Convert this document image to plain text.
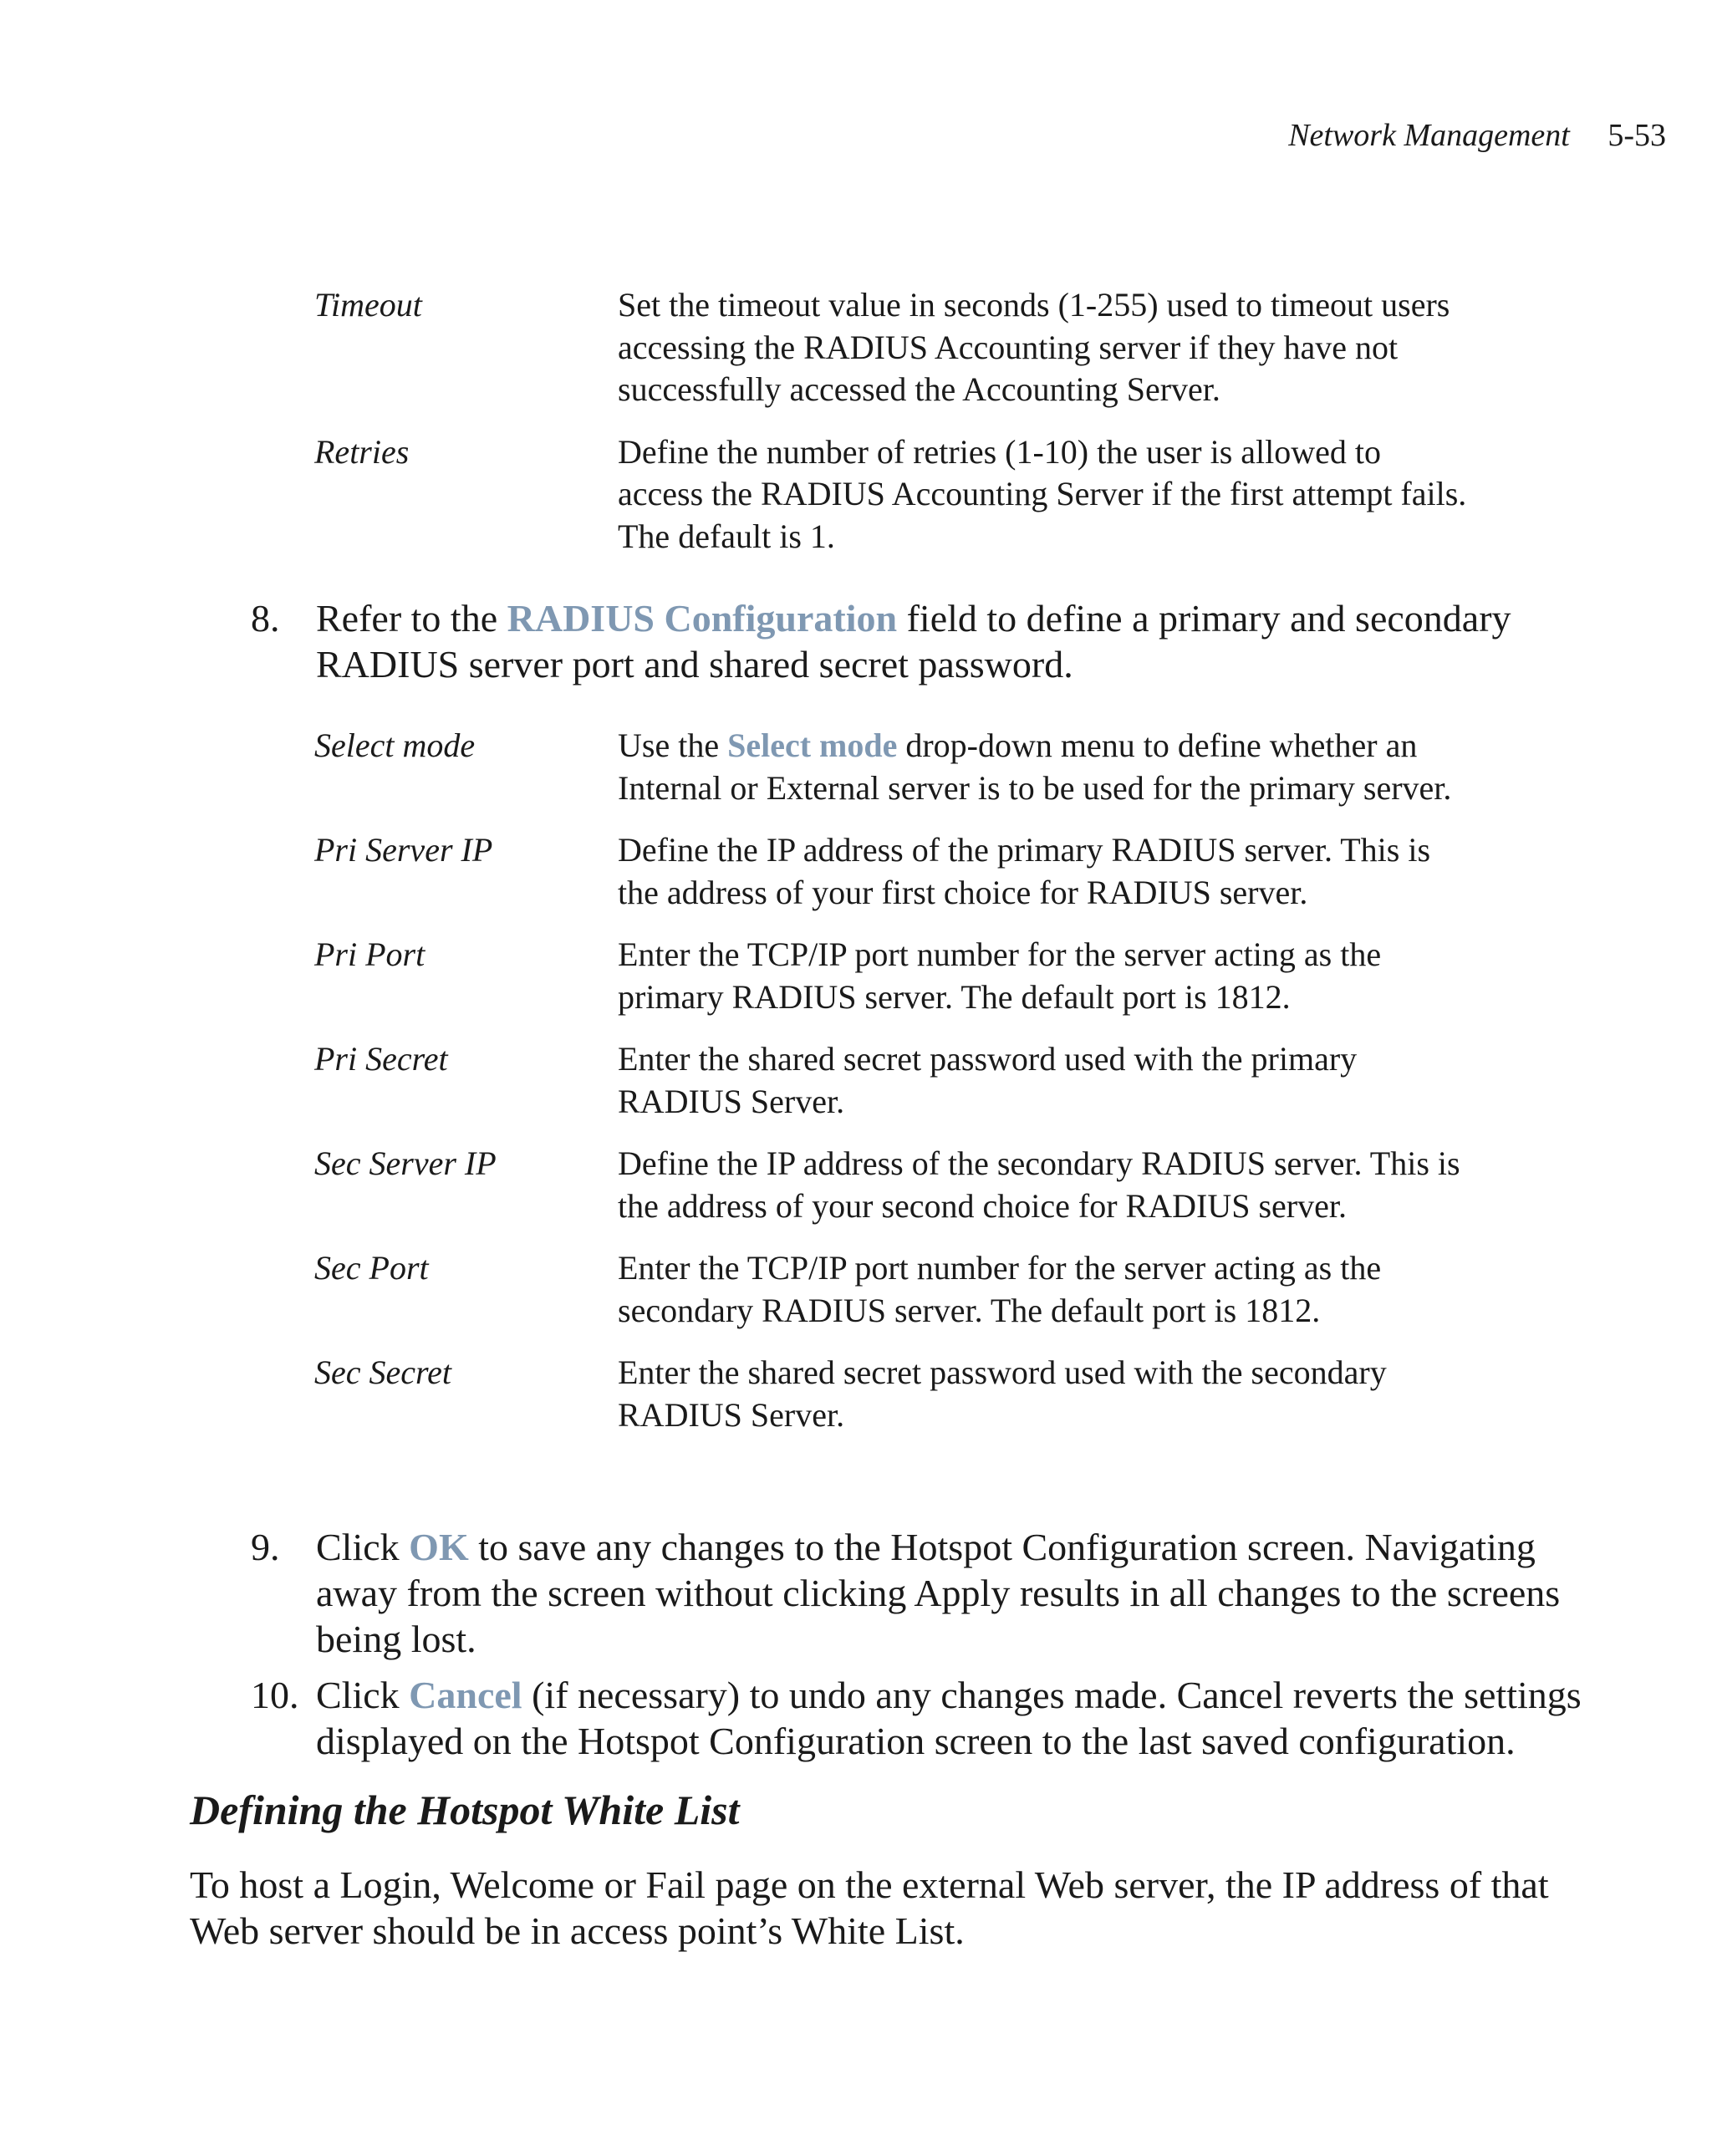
Network Management 5-53
Timeout	Set the timeout value in seconds (1-255) used to timeout users accessing the RADIUS Accounting server if they have not successfully accessed the Accounting Server.
Retries	Define the number of retries (1-10) the user is allowed to access the RADIUS Accounting Server if the first attempt fails. The default is 1.
8. Refer to the RADIUS Configuration field to define a primary and secondary RADIUS server port and shared secret password.
Select mode	Use the Select mode drop-down menu to define whether an Internal or External server is to be used for the primary server.
Pri Server IP	Define the IP address of the primary RADIUS server. This is the address of your first choice for RADIUS server.
Pri Port	Enter the TCP/IP port number for the server acting as the primary RADIUS server. The default port is 1812.
Pri Secret	Enter the shared secret password used with the primary RADIUS Server.
Sec Server IP	Define the IP address of the secondary RADIUS server. This is the address of your second choice for RADIUS server.
Sec Port	Enter the TCP/IP port number for the server acting as the secondary RADIUS server. The default port is 1812.
Sec Secret	Enter the shared secret password used with the secondary RADIUS Server.
9. Click OK to save any changes to the Hotspot Configuration screen. Navigating away from the screen without clicking Apply results in all changes to the screens being lost.
10. Click Cancel (if necessary) to undo any changes made. Cancel reverts the settings displayed on the Hotspot Configuration screen to the last saved configuration.
Defining the Hotspot White List

To host a Login, Welcome or Fail page on the external Web server, the IP address of that Web server should be in access point’s White List.
